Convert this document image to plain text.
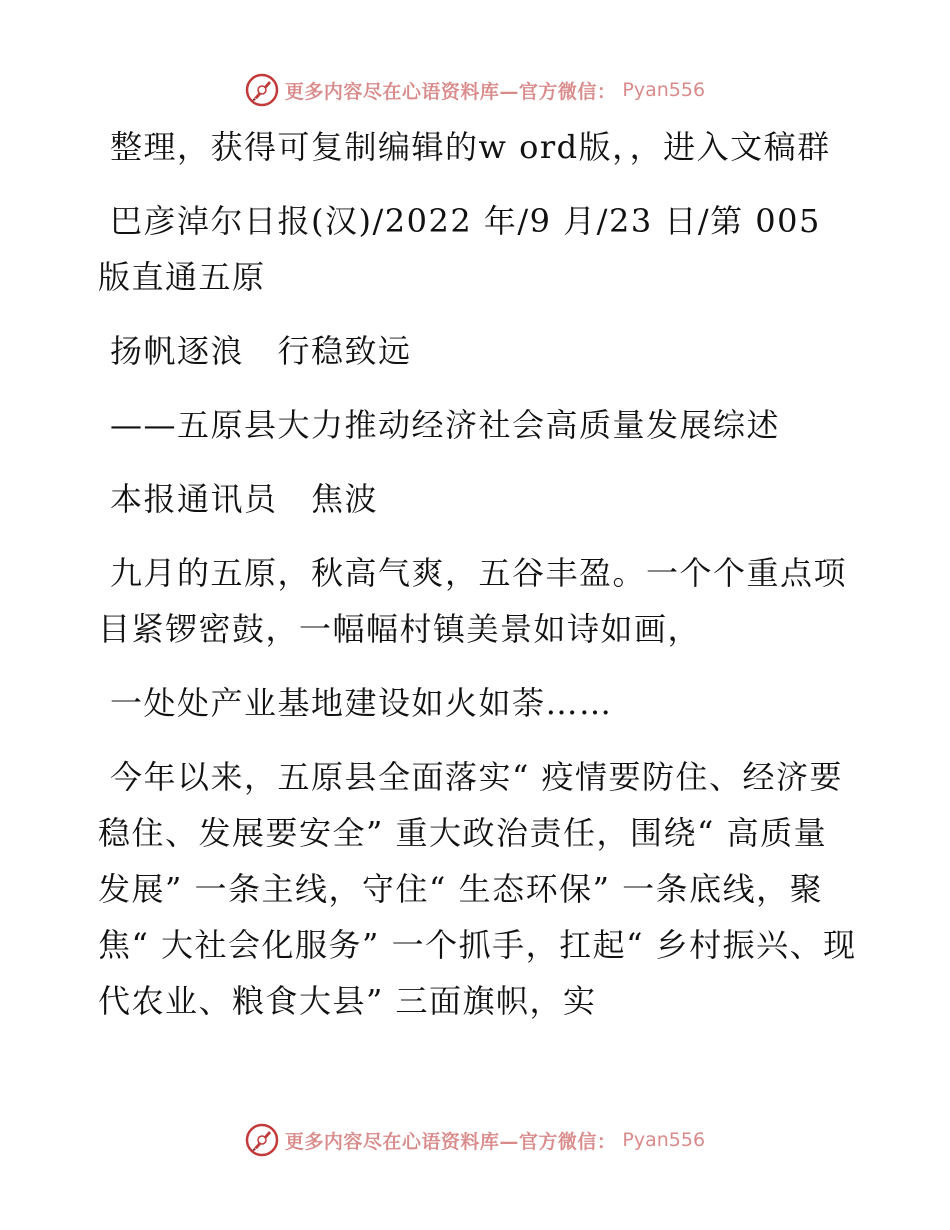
更多内容尽在心语资料库—官方微信： Pyan556

整理，获得可复制编辑的w ord版，，进入文稿群

巴彦淖尔日报(汉)/2022 年/9 月/23 日/第 005 版直通五原

扬帆逐浪　行稳致远

——五原县大力推动经济社会高质量发展综述

本报通讯员　焦波

九月的五原，秋高气爽，五谷丰盈。一个个重点项目紧锣密鼓，一幅幅村镇美景如诗如画，

一处处产业基地建设如火如荼……

今年以来，五原县全面落实“ 疫情要防住、经济要稳住、发展要安全” 重大政治责任，围绕“ 高质量发展” 一条主线，守住“ 生态环保” 一条底线，聚焦“ 大社会化服务” 一个抓手，扛起“ 乡村振兴、现代农业、粮食大县” 三面旗帜，实

更多内容尽在心语资料库—官方微信： Pyan556
